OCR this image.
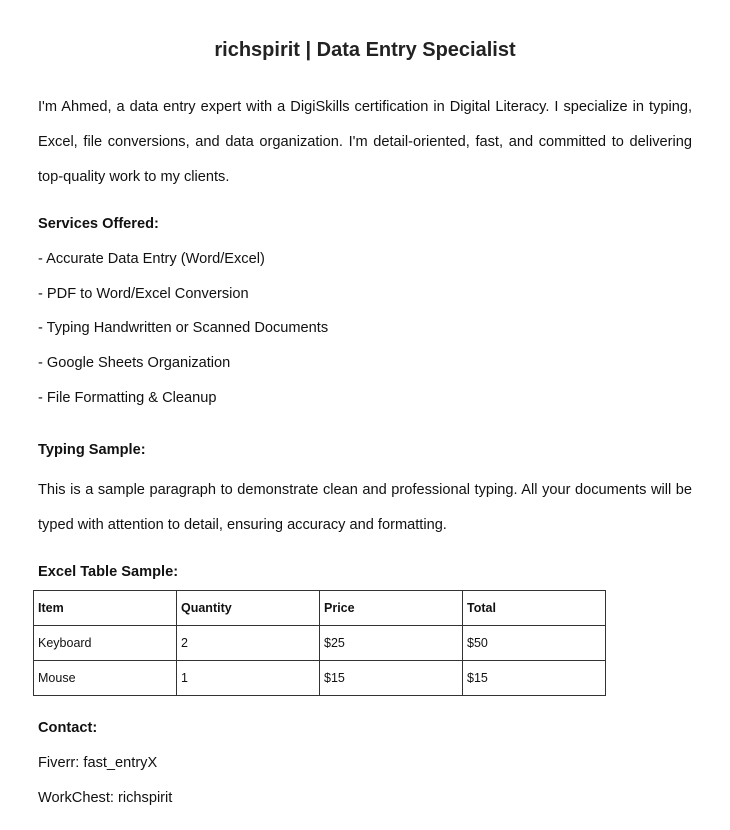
richspirit | Data Entry Specialist

I'm Ahmed, a data entry expert with a DigiSkills certification in Digital Literacy. I specialize in typing, Excel, file conversions, and data organization. I'm detail-oriented, fast, and committed to delivering top-quality work to my clients.

Services Offered:
- Accurate Data Entry (Word/Excel)
- PDF to Word/Excel Conversion
- Typing Handwritten or Scanned Documents
- Google Sheets Organization
- File Formatting & Cleanup
Typing Sample:

This is a sample paragraph to demonstrate clean and professional typing. All your documents will be typed with attention to detail, ensuring accuracy and formatting.

Excel Table Sample:
Item	Quantity	Price	Total
Keyboard	2	$25	$50
Mouse	1	$15	$15
Contact:
Fiverr: fast_entryX
WorkChest: richspirit
